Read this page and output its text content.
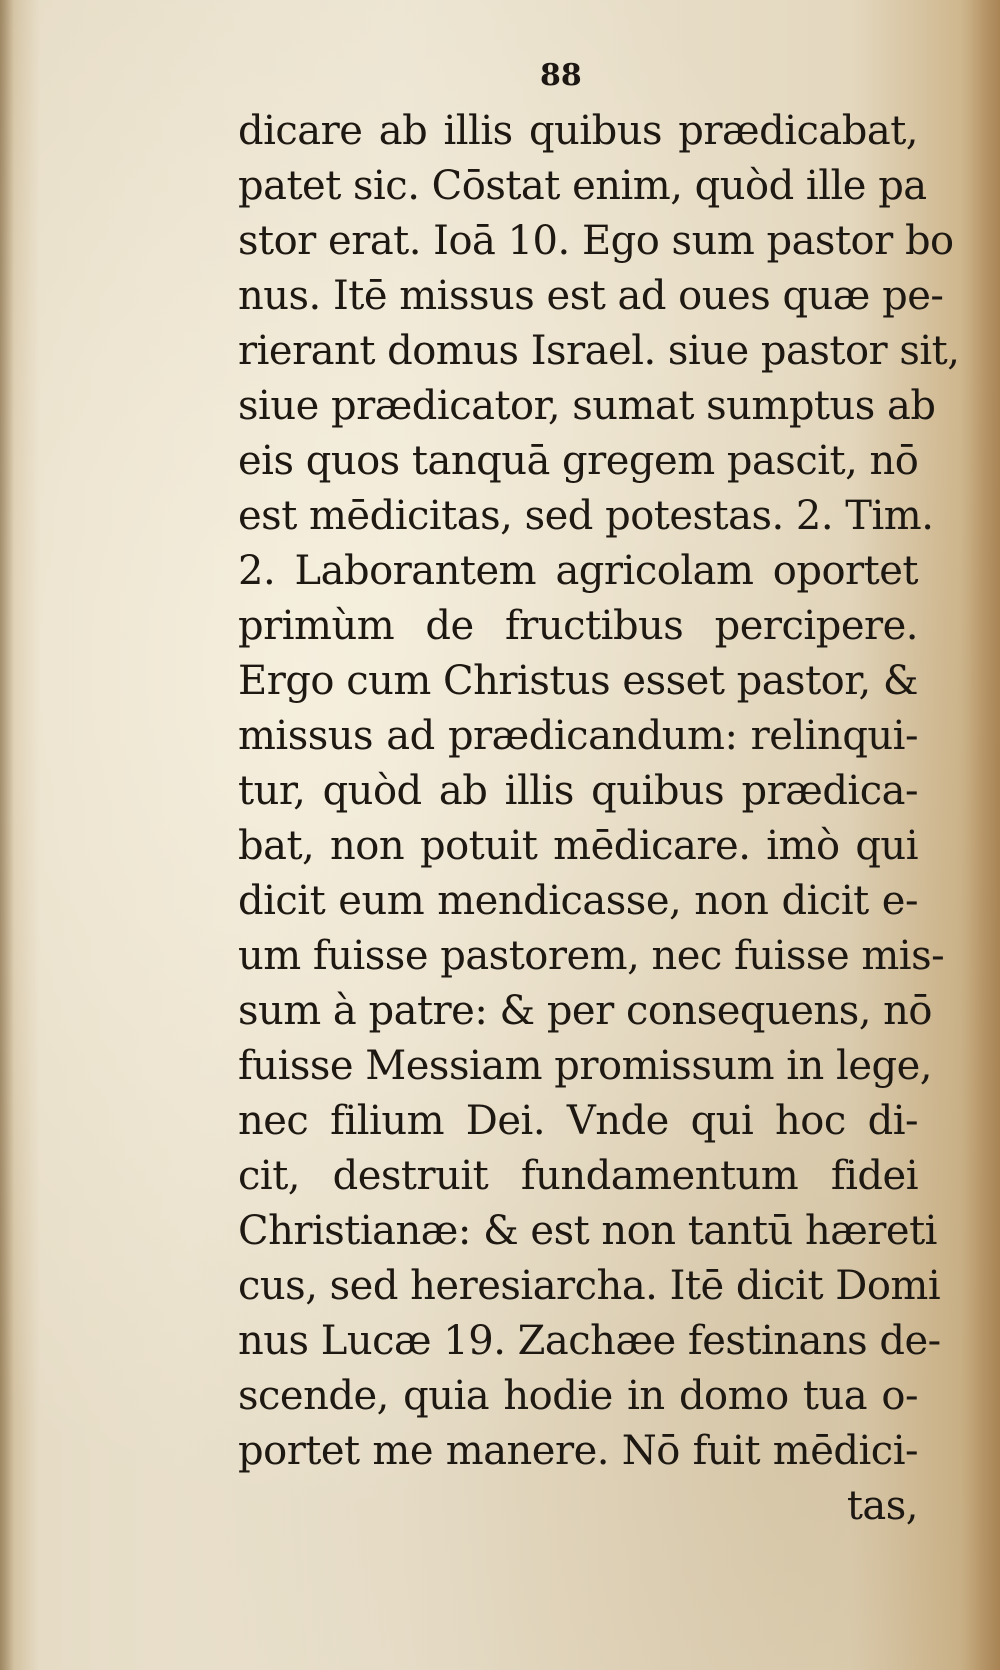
88
dicare ab illis quibus prædicabat,
patet sic. Cōstat enim, quòd ille pa
stor erat. Ioā 10. Ego sum pastor bo
nus. Itē missus est ad oues quæ pe-
rierant domus Israel. siue pastor sit,
siue prædicator, sumat sumptus ab
eis quos tanquā gregem pascit, nō
est mēdicitas, sed potestas. 2. Tim.
2. Laborantem agricolam oportet
primùm de fructibus percipere.
Ergo cum Christus esset pastor, &
missus ad prædicandum: relinqui-
tur, quòd ab illis quibus prædica-
bat, non potuit mēdicare. imò qui
dicit eum mendicasse, non dicit e-
um fuisse pastorem, nec fuisse mis-
sum à patre: & per consequens, nō
fuisse Messiam promissum in lege,
nec filium Dei. Vnde qui hoc di-
cit, destruit fundamentum fidei
Christianæ: & est non tantū hæreti
cus, sed heresiarcha. Itē dicit Domi
nus Lucæ 19. Zachæe festinans de-
scende, quia hodie in domo tua o-
portet me manere. Nō fuit mēdici-
tas,
